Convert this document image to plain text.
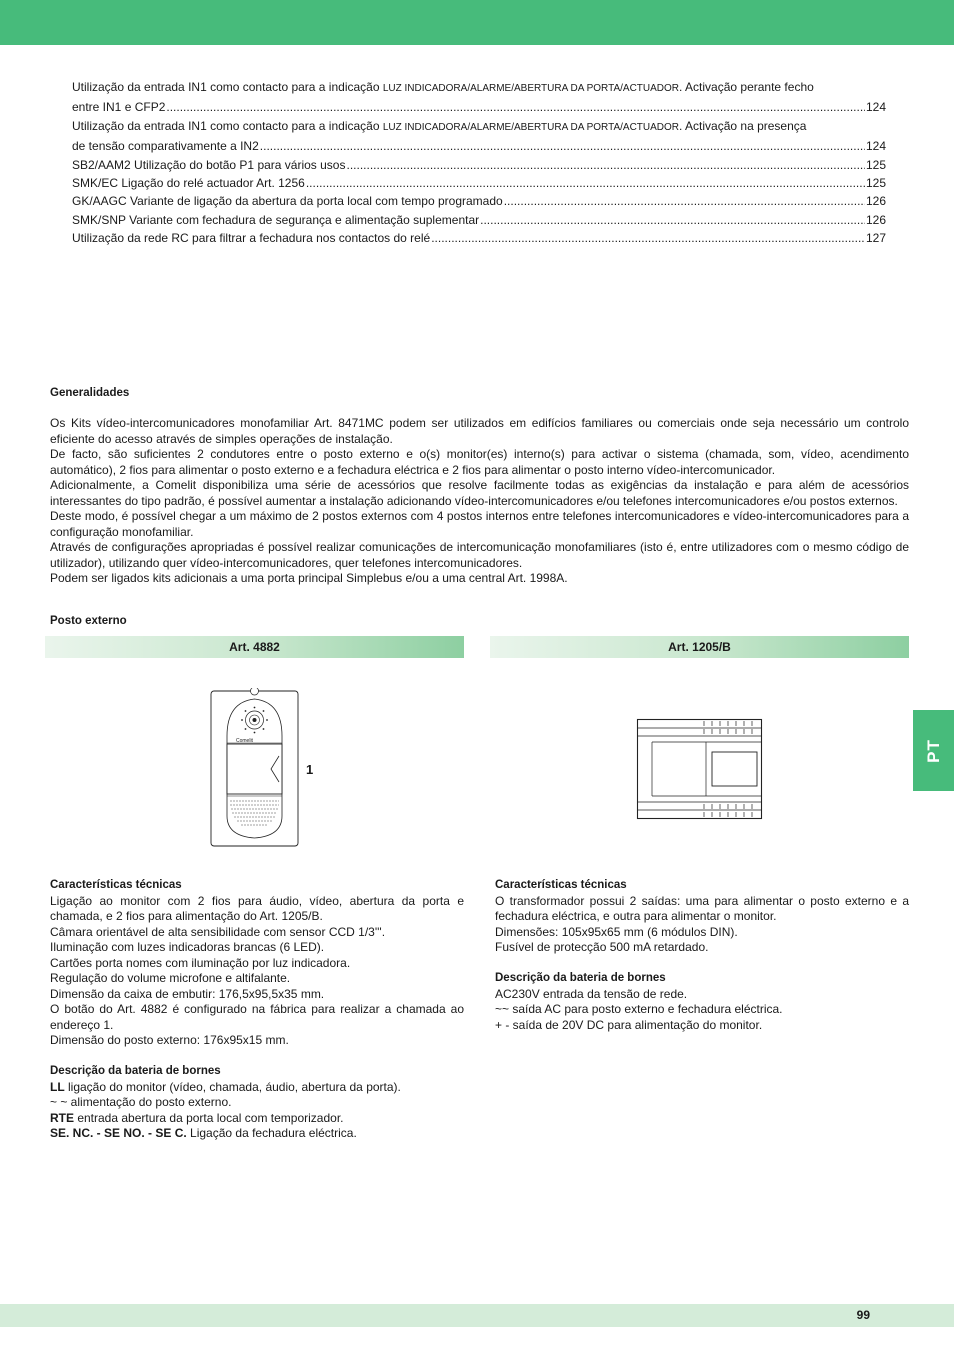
Utilização da entrada IN1 como contacto para a indicação LUZ INDICADORA/ALARME/ABERTURA DA PORTA/ACTUADOR. Activação perante fecho
entre IN1 e CFP2 .....	124
Utilização da entrada IN1 como contacto para a indicação LUZ INDICADORA/ALARME/ABERTURA DA PORTA/ACTUADOR. Activação na presença
de tensão comparativamente a IN2 .....	124
SB2/AAM2 Utilização do botão P1 para vários usos .....	125
SMK/EC Ligação do relé actuador Art. 1256 .....	125
GK/AAGC Variante de ligação da abertura da porta local com tempo programado .....	126
SMK/SNP Variante com fechadura de segurança e alimentação suplementar .....	126
Utilização da rede RC para filtrar a fechadura nos contactos do relé .....	127
Generalidades
Os Kits vídeo-intercomunicadores monofamiliar Art. 8471MC podem ser utilizados em edifícios familiares ou comerciais onde seja necessário um controlo eficiente do acesso através de simples operações de instalação.
De facto, são suficientes 2 condutores entre o posto externo e o(s) monitor(es) interno(s) para activar o sistema (chamada, som, vídeo, acendimento automático), 2 fios para alimentar o posto externo e a fechadura eléctrica e 2 fios para alimentar o posto interno vídeo-intercomunicador.
Adicionalmente, a Comelit disponibiliza uma série de acessórios que resolve facilmente todas as exigências da instalação e para além de acessórios interessantes do tipo padrão, é possível aumentar a instalação adicionando vídeo-intercomunicadores e/ou telefones intercomunicadores e/ou postos externos.
Deste modo, é possível chegar a um máximo de 2 postos externos com 4 postos internos entre telefones intercomunicadores e vídeo-intercomunicadores para a configuração monofamiliar.
Através de configurações apropriadas é possível realizar comunicações de intercomunicação monofamiliares (isto é, entre utilizadores com o mesmo código de utilizador), utilizando quer vídeo-intercomunicadores, quer telefones intercomunicadores.
Podem ser ligados kits adicionais a uma porta principal Simplebus e/ou a uma central Art. 1998A.
Posto externo
Art. 4882	Art. 1205/B
Comelit
1

Características técnicas

Ligação ao monitor com 2 fios para áudio, vídeo, abertura da porta e chamada, e 2 fios para alimentação do Art. 1205/B.

Câmara orientável de alta sensibilidade com sensor CCD 1/3'''.

Iluminação com luzes indicadoras brancas (6 LED).

Cartões porta nomes com iluminação por luz indicadora.

Regulação do volume microfone e altifalante.

Dimensão da caixa de embutir: 176,5x95,5x35 mm.

O botão do Art. 4882 é configurado na fábrica para realizar a chamada ao endereço 1.

Dimensão do posto externo: 176x95x15 mm.

Descrição da bateria de bornes

LL ligação do monitor (vídeo, chamada, áudio, abertura da porta).

~ ~ alimentação do posto externo.

RTE entrada abertura da porta local com temporizador.

SE. NC. - SE NO. - SE C. Ligação da fechadura eléctrica.

Características técnicas

O transformador possui 2 saídas: uma para alimentar o posto externo e a fechadura eléctrica, e outra para alimentar o monitor.

Dimensões: 105x95x65 mm (6 módulos DIN).

Fusível de protecção 500 mA retardado.

Descrição da bateria de bornes

AC230V entrada da tensão de rede.

~~ saída AC para posto externo e fechadura eléctrica.

+ - saída de 20V DC para alimentação do monitor.

PT
99
